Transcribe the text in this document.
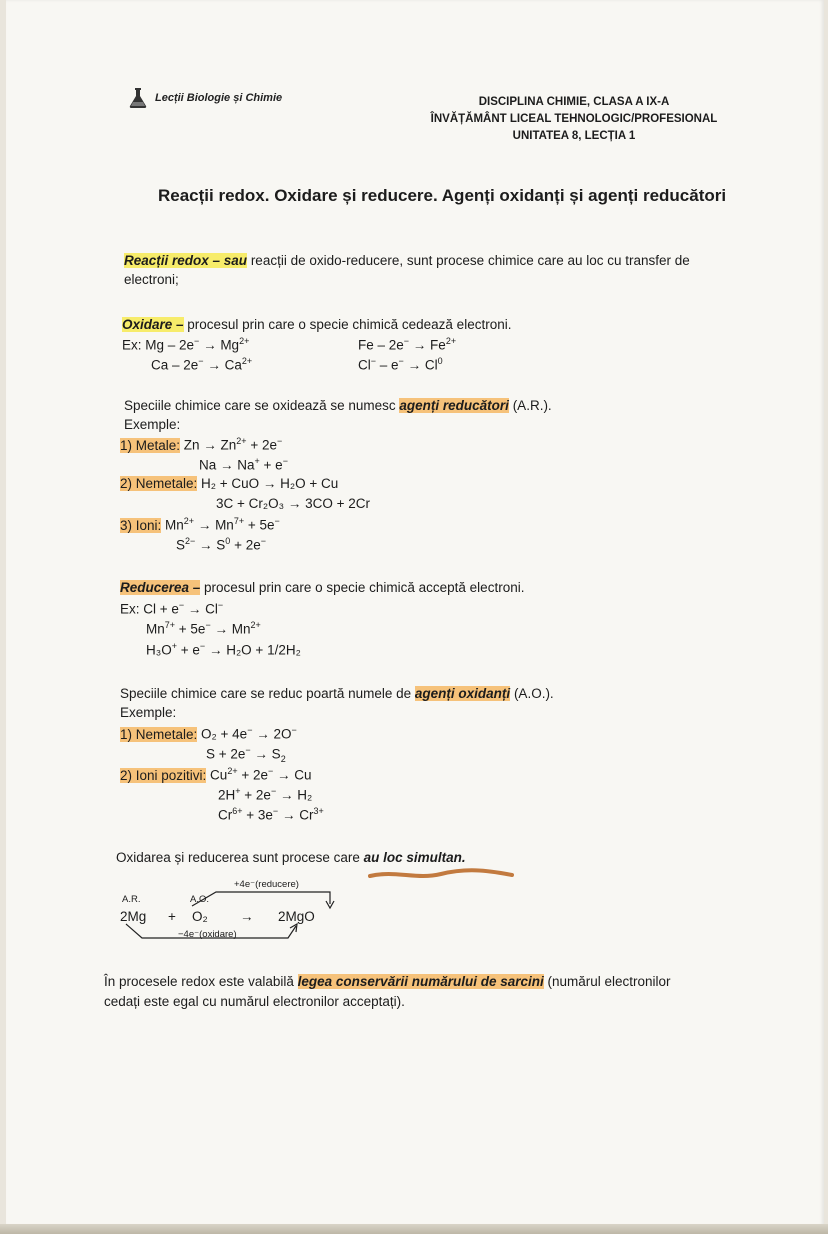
Lecții Biologie și Chimie	DISCIPLINA CHIMIE, CLASA A IX-A
ÎNVĂȚĂMÂNT LICEAL TEHNOLOGIC/PROFESIONAL
UNITATEA 8, LECȚIA 1
Reacții redox. Oxidare și reducere. Agenți oxidanți și agenți reducători
Reacții redox – sau reacții de oxido-reducere, sunt procese chimice care au loc cu transfer de
electroni;
Oxidare – procesul prin care o specie chimică cedează electroni.
Ex: $Mg - 2e^- \to Mg^{2+}$
$Ca - 2e^- \to Ca^{2+}$
$Fe - 2e^- \to Fe^{2+}$
$Cl^- - e^- \to Cl^0$
Speciile chimice care se oxidează se numesc agenți reducători (A.R.).
Exemple:
1) Metale: $Zn \to Zn^{2+} + 2e^-$
Na → Na+ + e−
2) Nemetale: H₂ + CuO → H₂O + Cu
3C + Cr₂O₃ → 3CO + 2Cr
3) Ioni: $Mn^{2+} \to Mn^{7+} + 5e^-$
$S^{2-} \to S^0 + 2e^-$
Reducerea – procesul prin care o specie chimică acceptă electroni.
Ex: Cl + e− → Cl−
$Mn^{7+} + 5e^- \to Mn^{2+}$
H₃O+ + e− → H₂O + 1/2H₂
Speciile chimice care se reduc poartă numele de agenți oxidanți (A.O.).
Exemple:
1) Nemetale: O₂ + 4e− → 2O−
$S + 2e^- \to S_2$
2) Ioni pozitivi: $Cu^{2+} + 2e^- \to Cu$
2H+ + 2e− → H₂
$Cr^{6+} + 3e^- \to Cr^{3+}$
Oxidarea și reducerea sunt procese care au loc simultan.
A.R.	A.O.
+4e⁻(reducere)
2Mg + O₂ → 2MgO
−4e⁻(oxidare)
În procesele redox este valabilă legea conservării numărului de sarcini (numărul electronilor
cedați este egal cu numărul electronilor acceptați).
